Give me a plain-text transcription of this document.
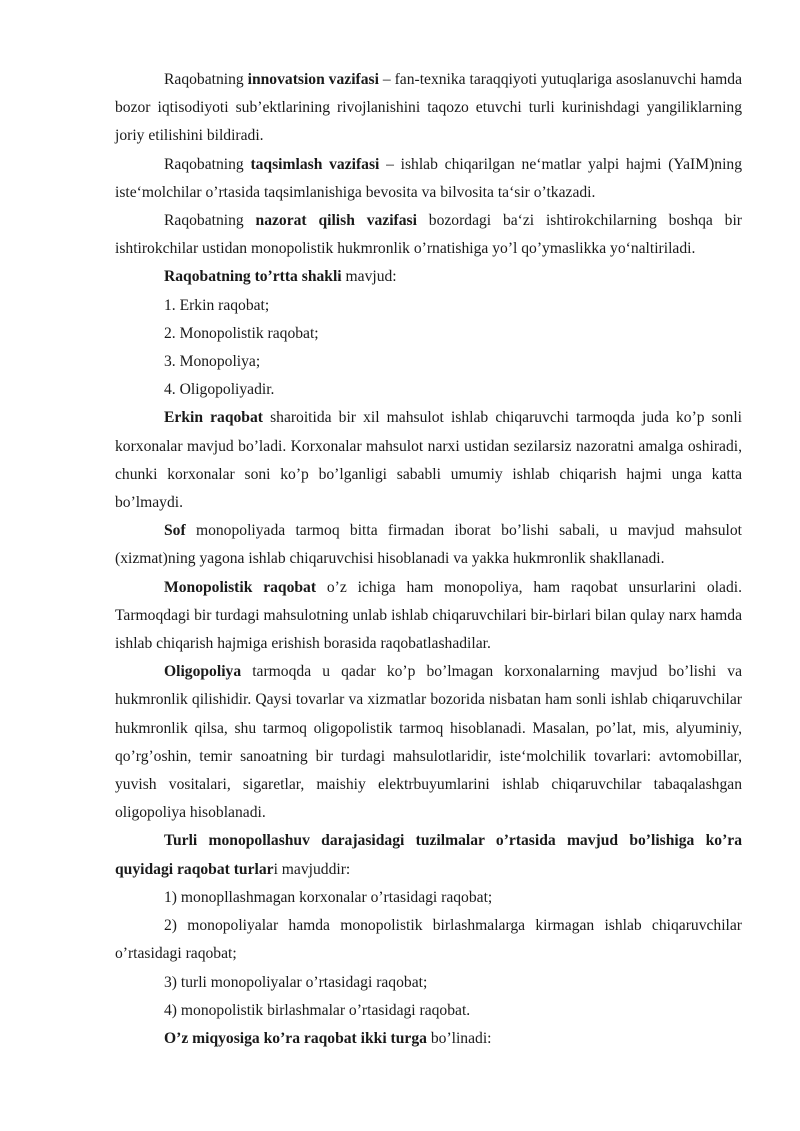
Raqobatning innovatsion vazifasi – fan-texnika taraqqiyoti yutuqlariga asoslanuvchi hamda bozor iqtisodiyoti sub’ektlarining rivojlanishini taqozo etuvchi turli kurinishdagi yangiliklarning joriy etilishini bildiradi.

Raqobatning taqsimlash vazifasi – ishlab chiqarilgan ne‘matlar yalpi hajmi (YaIM)ning iste‘molchilar o’rtasida taqsimlanishiga bevosita va bilvosita ta‘sir o’tkazadi.

Raqobatning nazorat qilish vazifasi bozordagi ba‘zi ishtirokchilarning boshqa bir ishtirokchilar ustidan monopolistik hukmronlik o’rnatishiga yo’l qo’ymaslikka yo‘naltiriladi.

Raqobatning to’rtta shakli mavjud:

1. Erkin raqobat;

2. Monopolistik raqobat;

3. Monopoliya;

4. Oligopoliyadir.

Erkin raqobat sharoitida bir xil mahsulot ishlab chiqaruvchi tarmoqda juda ko’p sonli korxonalar mavjud bo’ladi. Korxonalar mahsulot narxi ustidan sezilarsiz nazoratni amalga oshiradi, chunki korxonalar soni ko’p bo’lganligi sababli umumiy ishlab chiqarish hajmi unga katta bo’lmaydi.

Sof monopoliyada tarmoq bitta firmadan iborat bo’lishi sabali, u mavjud mahsulot (xizmat)ning yagona ishlab chiqaruvchisi hisoblanadi va yakka hukmronlik shakllanadi.

Monopolistik raqobat o’z ichiga ham monopoliya, ham raqobat unsurlarini oladi. Tarmoqdagi bir turdagi mahsulotning unlab ishlab chiqaruvchilari bir-birlari bilan qulay narx hamda ishlab chiqarish hajmiga erishish borasida raqobatlashadilar.

Oligopoliya tarmoqda u qadar ko’p bo’lmagan korxonalarning mavjud bo’lishi va hukmronlik qilishidir. Qaysi tovarlar va xizmatlar bozorida nisbatan ham sonli ishlab chiqaruvchilar hukmronlik qilsa, shu tarmoq oligopolistik tarmoq hisoblanadi. Masalan, po’lat, mis, alyuminiy, qo’rg’oshin, temir sanoatning bir turdagi mahsulotlaridir, iste‘molchilik tovarlari: avtomobillar, yuvish vositalari, sigaretlar, maishiy elektrbuyumlarini ishlab chiqaruvchilar tabaqalashgan oligopoliya hisoblanadi.

Turli monopollashuv darajasidagi tuzilmalar o’rtasida mavjud bo’lishiga ko’ra quyidagi raqobat turlari mavjuddir:

1) monopllashmagan korxonalar o’rtasidagi raqobat;

2) monopoliyalar hamda monopolistik birlashmalarga kirmagan ishlab chiqaruvchilar o’rtasidagi raqobat;

3) turli monopoliyalar o’rtasidagi raqobat;

4) monopolistik birlashmalar o’rtasidagi raqobat.

O’z miqyosiga ko’ra raqobat ikki turga bo’linadi:
